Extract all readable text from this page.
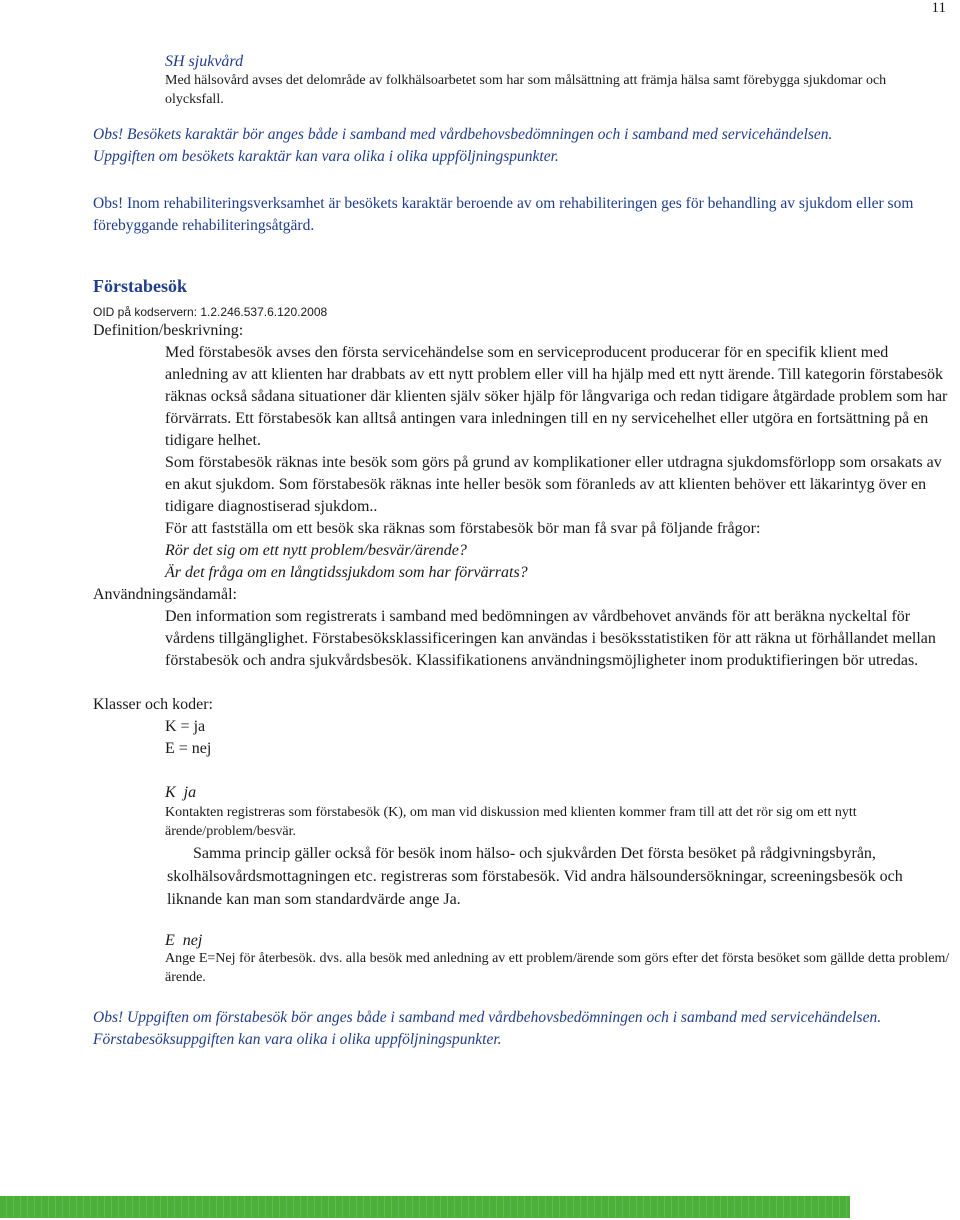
11
SH sjukvård

Med hälsovård avses det delområde av folkhälsoarbetet som har som målsättning att främja hälsa samt förebygga sjukdomar och olycksfall.

Obs! Besökets karaktär bör anges både i samband med vårdbehovsbedömningen och i samband med servicehändelsen.
Uppgiften om besökets karaktär kan vara olika i olika uppföljningspunkter.

Obs! Inom rehabiliteringsverksamhet är besökets karaktär beroende av om rehabiliteringen ges för behandling av sjukdom eller som förebyggande rehabiliteringsåtgärd.

Förstabesök
OID på kodservern: 1.2.246.537.6.120.2008
Definition/beskrivning:

Med förstabesök avses den första servicehändelse som en serviceproducent producerar för en specifik klient med anledning av att klienten har drabbats av ett nytt problem eller vill ha hjälp med ett nytt ärende. Till kategorin förstabesök räknas också sådana situationer där klienten själv söker hjälp för långvariga och redan tidigare åtgärdade problem som har förvärrats. Ett förstabesök kan alltså antingen vara inledningen till en ny servicehelhet eller utgöra en fortsättning på en tidigare helhet.

Som förstabesök räknas inte besök som görs på grund av komplikationer eller utdragna sjukdomsförlopp som orsakats av en akut sjukdom. Som förstabesök räknas inte heller besök som föranleds av att klienten behöver ett läkarintyg över en tidigare diagnostiserad sjukdom..

För att fastställa om ett besök ska räknas som förstabesök bör man få svar på följande frågor:

Rör det sig om ett nytt problem/besvär/ärende?
Är det fråga om en långtidssjukdom som har förvärrats?
Användningsändamål:

Den information som registrerats i samband med bedömningen av vårdbehovet används för att beräkna nyckeltal för vårdens tillgänglighet. Förstabesöksklassificeringen kan användas i besöksstatistiken för att räkna ut förhållandet mellan förstabesök och andra sjukvårdsbesök. Klassifikationens användningsmöjligheter inom produktifieringen bör utredas.

Klasser och koder:
K = ja
E = nej
K  ja

Kontakten registreras som förstabesök (K), om man vid diskussion med klienten kommer fram till att det rör sig om ett nytt ärende/problem/besvär.

Samma princip gäller också för besök inom hälso- och sjukvården Det första besöket på rådgivningsbyrån, skolhälsovårdsmottagningen etc. registreras som förstabesök. Vid andra hälsoundersökningar, screeningsbesök och liknande kan man som standardvärde ange Ja.

E  nej

Ange E=Nej för återbesök. dvs. alla besök med anledning av ett problem/ärende som görs efter det första besöket som gällde detta problem/ärende.

Obs! Uppgiften om förstabesök bör anges både i samband med vårdbehovsbedömningen och i samband med servicehändelsen. Förstabesöksuppgiften kan vara olika i olika uppföljningspunkter.
